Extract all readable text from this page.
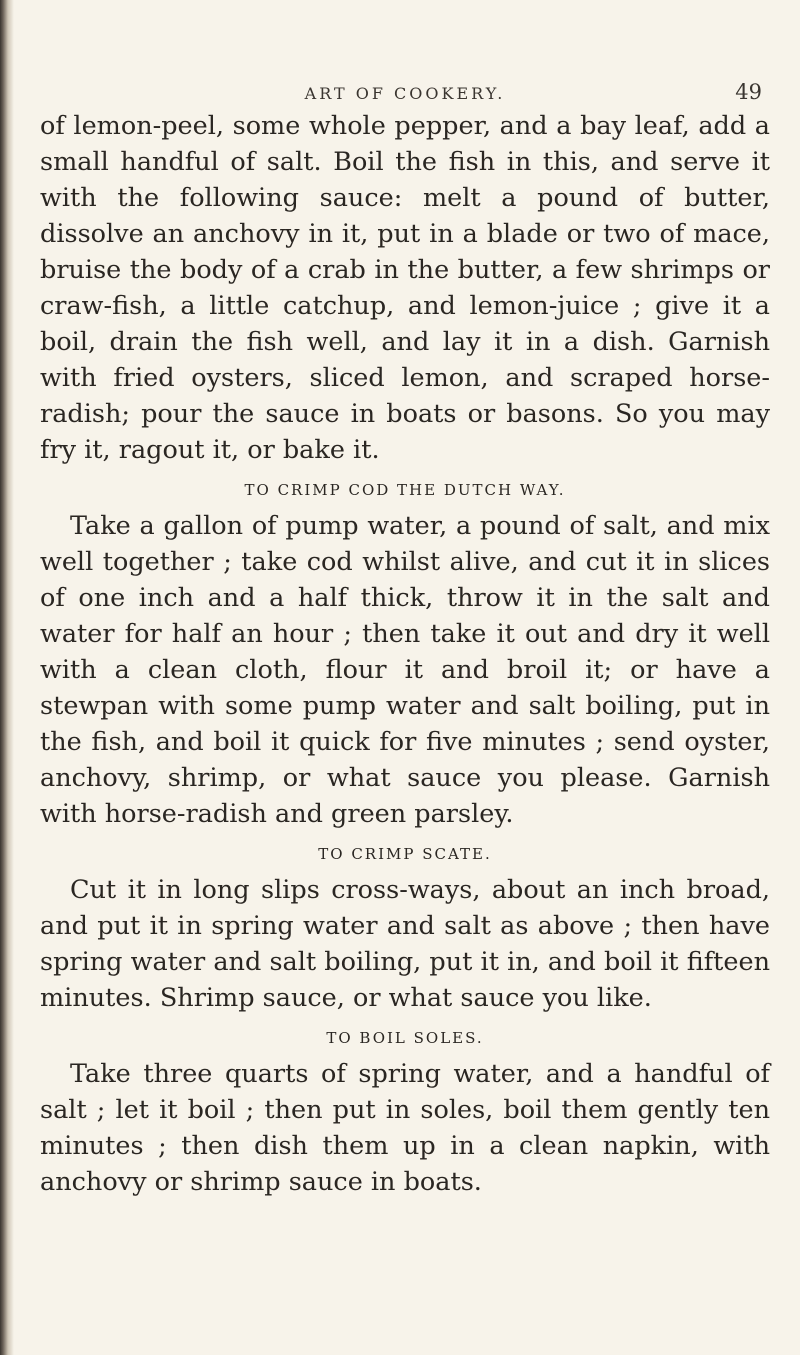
ART OF COOKERY.	49

of lemon-peel, some whole pepper, and a bay leaf, add a small handful of salt. Boil the fish in this, and serve it with the following sauce: melt a pound of butter, dissolve an anchovy in it, put in a blade or two of mace, bruise the body of a crab in the butter, a few shrimps or craw-fish, a little catchup, and lemon-juice ; give it a boil, drain the fish well, and lay it in a dish. Garnish with fried oysters, sliced lemon, and scraped horse-radish; pour the sauce in boats or basons. So you may fry it, ragout it, or bake it.

TO CRIMP COD THE DUTCH WAY.

Take a gallon of pump water, a pound of salt, and mix well together ; take cod whilst alive, and cut it in slices of one inch and a half thick, throw it in the salt and water for half an hour ; then take it out and dry it well with a clean cloth, flour it and broil it; or have a stewpan with some pump water and salt boiling, put in the fish, and boil it quick for five minutes ; send oyster, anchovy, shrimp, or what sauce you please. Garnish with horse-radish and green parsley.

TO CRIMP SCATE.

Cut it in long slips cross-ways, about an inch broad, and put it in spring water and salt as above ; then have spring water and salt boiling, put it in, and boil it fifteen minutes. Shrimp sauce, or what sauce you like.

TO BOIL SOLES.

Take three quarts of spring water, and a handful of salt ; let it boil ; then put in soles, boil them gently ten minutes ; then dish them up in a clean napkin, with anchovy or shrimp sauce in boats.
